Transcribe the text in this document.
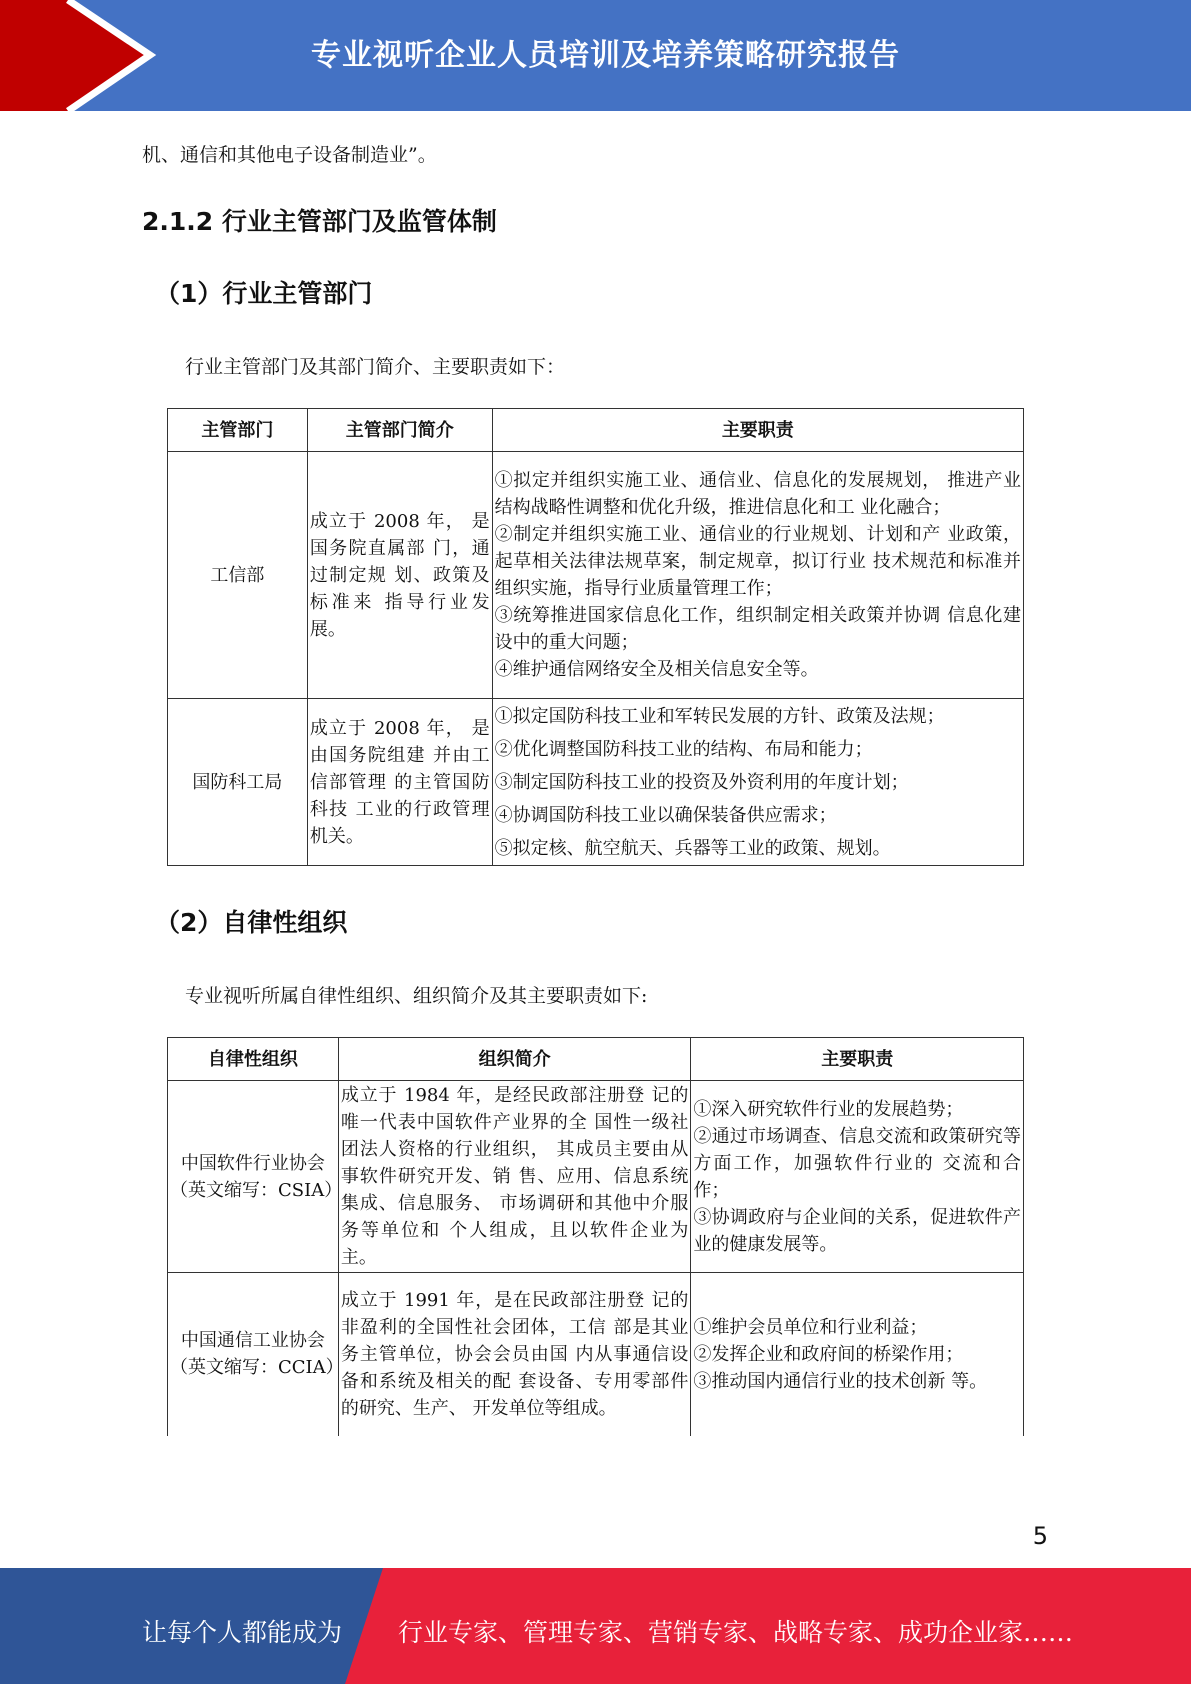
专业视听企业人员培训及培养策略研究报告
机、通信和其他电子设备制造业”。
2.1.2 行业主管部门及监管体制
（1）行业主管部门
行业主管部门及其部门简介、主要职责如下：
主管部门	主管部门简介	主要职责
工信部	成立于 2008 年， 是国务院直属部 门，通过制定规 划、政策及标准来 指导行业发展。	①拟定并组织实施工业、通信业、信息化的发展规划， 推进产业结构战略性调整和优化升级，推进信息化和工 业化融合；
②制定并组织实施工业、通信业的行业规划、计划和产 业政策，起草相关法律法规草案，制定规章，拟订行业 技术规范和标准并组织实施，指导行业质量管理工作；
③统筹推进国家信息化工作，组织制定相关政策并协调 信息化建设中的重大问题；
④维护通信网络安全及相关信息安全等。

国防科工局	成立于 2008 年， 是由国务院组建 并由工信部管理 的主管国防科技 工业的行政管理 机关。	①拟定国防科技工业和军转民发展的方针、政策及法规；
②优化调整国防科技工业的结构、布局和能力；
③制定国防科技工业的投资及外资利用的年度计划；
④协调国防科技工业以确保装备供应需求；
⑤拟定核、航空航天、兵器等工业的政策、规划。
（2）自律性组织
专业视听所属自律性组织、组织简介及其主要职责如下:
自律性组织	组织简介	主要职责
中国软件行业协会（英文缩写：CSIA）	成立于 1984 年，是经民政部注册登 记的唯一代表中国软件产业界的全 国性一级社团法人资格的行业组织， 其成员主要由从事软件研究开发、销 售、应用、信息系统集成、信息服务、 市场调研和其他中介服务等单位和 个人组成，且以软件企业为主。	①深入研究软件行业的发展趋势；
②通过市场调查、信息交流和政策研究等方面工作，加强软件行业的 交流和合作；
③协调政府与企业间的关系，促进软件产业的健康发展等。

中国通信工业协会（英文缩写：CCIA）	成立于 1991 年，是在民政部注册登 记的非盈利的全国性社会团体，工信 部是其业务主管单位，协会会员由国 内从事通信设备和系统及相关的配 套设备、专用零部件的研究、生产、 开发单位等组成。	①维护会员单位和行业利益；
②发挥企业和政府间的桥梁作用；
③推动国内通信行业的技术创新 等。
5
让每个人都能成为 行业专家、管理专家、营销专家、战略专家、成功企业家……
